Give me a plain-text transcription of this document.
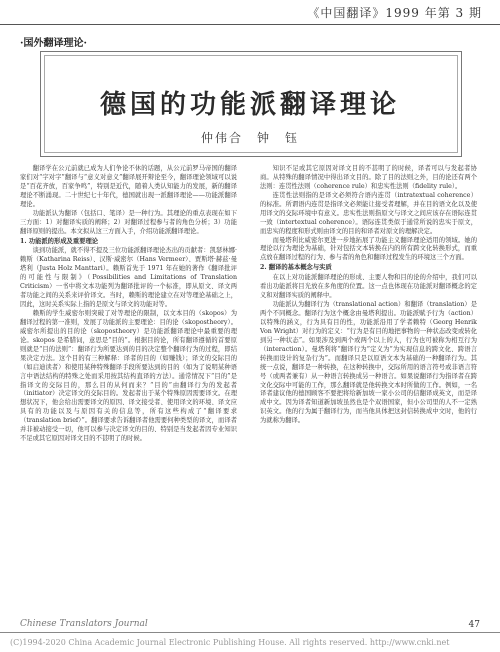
《中国翻译》1999 年第 3 期
·国外翻译理论·
德国的功能派翻译理论
仲伟合　钟　钰

翻译学在公元前就已成为人们争论不休的话题，从公元前罗马帝国的翻译家们对“字对字”翻译与“意义对意义”翻译展开辩论至今，翻译理论领域可以说是“百花齐放，百家争鸣”，特别是近代，随着人类认知能力的发展，新的翻译理论不断涌现。二十世纪七十年代，德国就出现一派翻译理论——功能派翻译理论。

功能派认为翻译（包括口、笔译）是一种行为。其理论的重点表现在如下三方面：1）对翻译实质的阐释；2）对翻译过程参与者的角色分析；3）功能翻译原则的提出。本文拟从这三方面入手，介绍功能派翻译理论。

1. 功能派的形成及重要理论

谈到功能派，就不得不提及三位功能派翻译理论杰出的贡献者：凯瑟林娜·赖斯（Katharina Reiss）、汉斯·威密尔（Hans Vermeer）、贾斯塔·赫兹·曼塔利（Justa Holz Manttari）。赖斯首先于 1971 年在她的著作《翻译批评的可能性与限制》（Possibilities and Limitations of Translation Criticism）一书中将文本功能列为翻译批评的一个标准，即从原文、译文两者功能之间的关系来评价译文。当时，赖斯的理论建立在对等理论基础之上，因此，这时关系实际上指的是原文与译文的功能对等。

赖斯的学生威密尔则突破了对等理论的限制，以文本目的（skopos）为翻译过程的第一准则，发展了功能派的主要理论：目的论（skopostheory）。威密尔所提出的目的论（skopostheory）是功能派翻译理论中最重要的理论。skopos 是希腊词，意思是“目的”。根据目的论，所有翻译遵循的首要原则就是“目的法则”：翻译行为所要达到的目的决定整个翻译行为的过程，即结果决定方法。这个目的有三种解释：译者的目的（如赚钱）；译文的交际目的（如启迪读者）和使用某种特殊翻译手段所要达到的目的（如为了说明某种语言中语法结构的特殊之处而采用按其结构直译的方法）。通常情况下“目的”是指译文的交际目的，那么目的从何而来？“目的”由翻译行为的发起者（initiator）决定译文的交际目的。发起者出于某个特殊原因需要译文。在理想状况下，他会给出需要译文的原因、译文接受者、使用译文的环境、译文应具有的功能以及与原因有关的信息等，所有这些构成了“翻译要求（translation brief）”。翻译要求告诉翻译者他需要何种类型的译文，而译者并非被动接受一切，他可以参与决定译文的目的、特别是当发起者因专业知识不足或其它原因对译文目的不甚明了的时候。

知识不足或其它原因对译文目的不甚明了的时候，译者可以与发起者协商。从特殊的翻译情况中得出译文目的。除了目的法则之外，目的论还有两个法则：连贯性法则（coherence rule）和忠实性法则（fidelity rule）。

连贯性法则指的是译文必须符合语内连贯（intratextual coherence）的标准。所谓语内连贯是指译文必须能让接受者理解，并在目的语文化以及使用译文的交际环境中有意义。忠实性法则指原文与译文之间应该存在语际连贯一致（intertextual coherence）。语际连贯类似于通常所说的忠实于原文，而忠实的程度和形式则由译文的目的和译者对原文的理解决定。

而曼塔利比威密尔更进一步地拓展了功能主义翻译理论适用的领域。她的理论以行为理论为基础，针对包括文本转换在内的所有跨文化转换形式，而重点放在翻译过程的行为、参与者的角色和翻译过程发生的环境这三个方面。

2. 翻译的基本概念与实质

在以上对功能派翻译理论的形成、主要人物和目的论的介绍中，我们可以看出功能派将目光放在多角度的位置。这一点也体现在功能派对翻译概念的定义和对翻译实质的阐释中。

功能派认为翻译行为（translational action）和翻译（translation）是两个不同概念。翻译行为这个概念由曼塔利提出。功能派赋予行为（action）以特殊的涵义，行为具有目的性，功能派沿用了学者赖特（Georg Henrik Von Wright）对行为的定义：“行为是有目的地把事物的一种状态改变或转化到另一种状态”。如果涉及到两个或两个以上的人，行为也可被称为相互行为（interaction）。曼塔利将“翻译行为”定义为“为实现信息的跨文化、跨语言转换而设计的复杂行为”。而翻译只是以原语文本为基础的一种翻译行为。其统一点说，翻译是一种转换，在这种转换中，交际所用的语言符号或非语言符号（或两者兼有）从一种语言转换成另一种语言。如果说翻译行为指译者在跨文化交际中可能的工作，那么翻译就是他转换文本时所做的工作。例如，一名译者建议他的德国顾客不要把将给新加坡一家小公司的信翻译成英文，而是译成中文。因为译者知道新加坡虽然也是个双语国家，但小公司里的人不一定熟识英文。他的行为属于翻译行为，而当他具体把这封信转换成中文时，他的行为就称为翻译。

Chinese Translators Journal	47
(C)1994-2020 China Academic Journal Electronic Publishing House. All rights reserved. http://www.cnki.net
